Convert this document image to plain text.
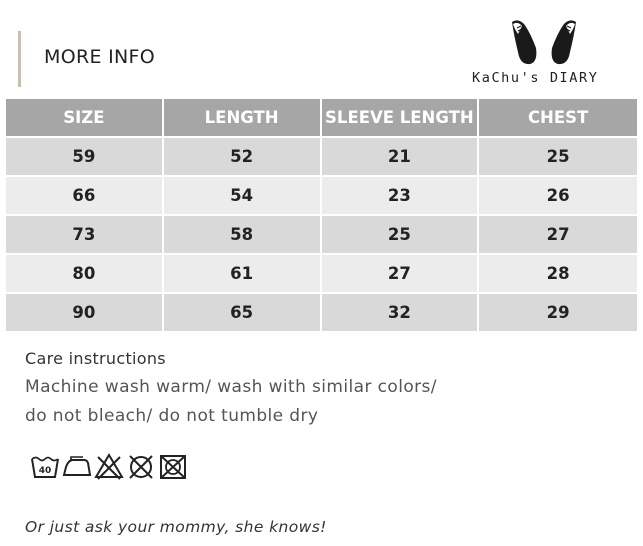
MORE INFO
KaChu's DIARY
SIZE	LENGTH	SLEEVE LENGTH	CHEST
59	52	21	25
66	54	23	26
73	58	25	27
80	61	27	28
90	65	32	29
Care instructions
Machine wash warm/ wash with similar colors/
do not bleach/ do not tumble dry
40
Or just ask your mommy, she knows!
